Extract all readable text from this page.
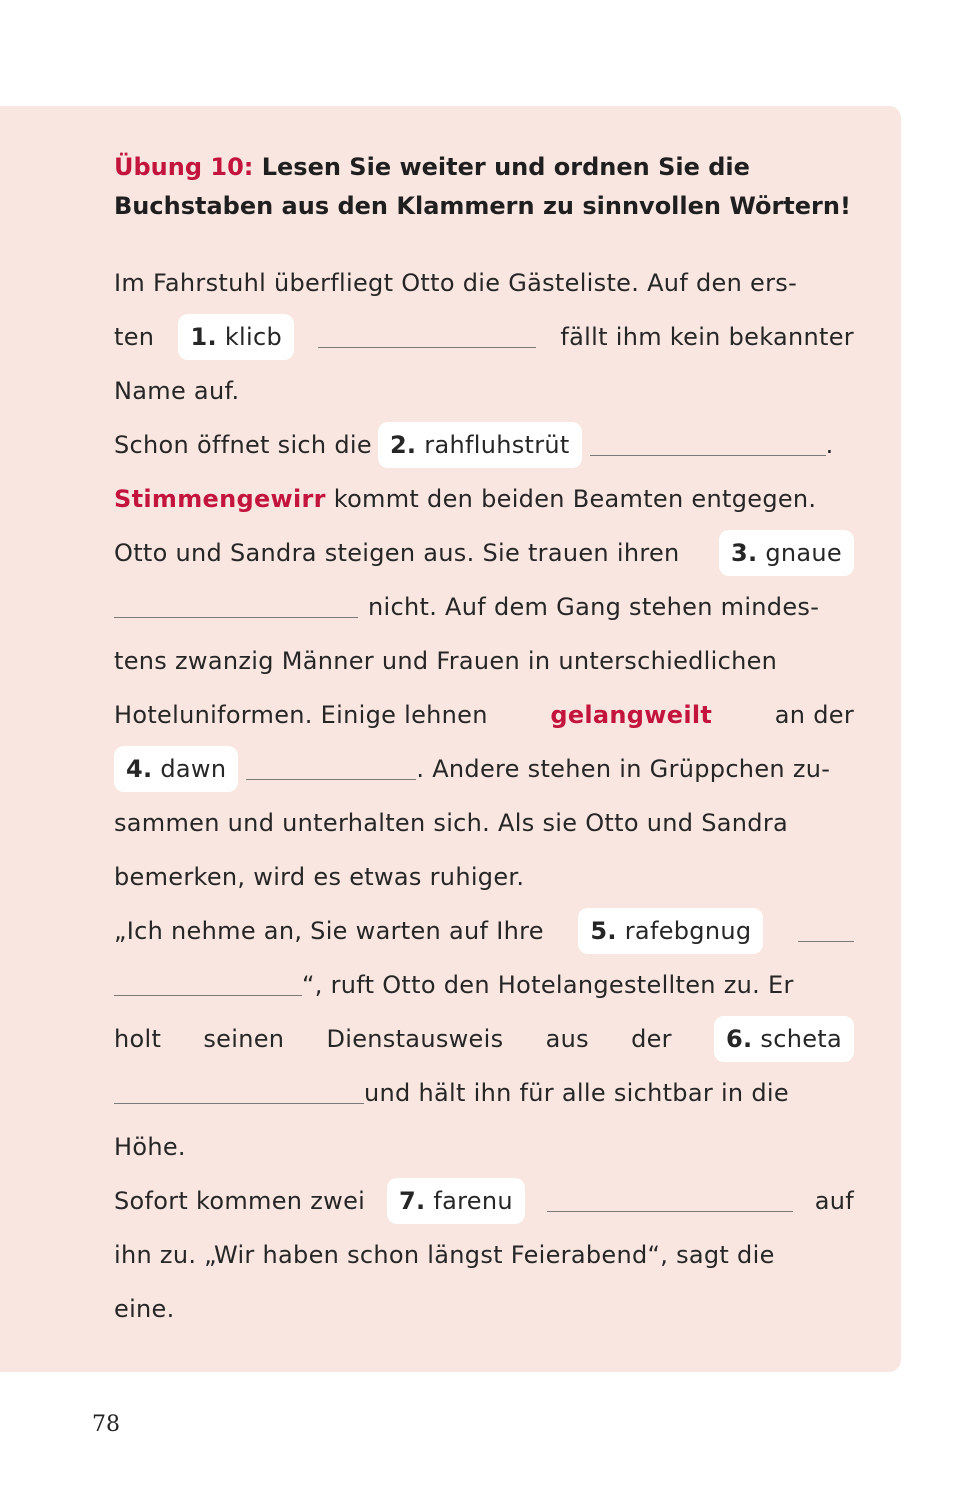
Übung 10: Lesen Sie weiter und ordnen Sie die Buchstaben aus den Klammern zu sinnvollen Wörtern!
Im Fahrstuhl überfliegt Otto die Gästeliste. Auf den ers-
ten	1. klicb	fällt ihm kein bekannter
Name auf.
Schon öffnet sich die 2. rahfluhstrüt	.
Stimmengewirr
kommt den beiden Beamten entgegen.
Otto und Sandra steigen aus. Sie trauen ihren	3. gnaue
nicht. Auf dem Gang stehen mindes-
tens zwanzig Männer und Frauen in unterschiedlichen
Hoteluniformen. Einige lehnen	gelangweilt	an der
4. dawn	. Andere stehen in Grüppchen zu-
sammen und unterhalten sich. Als sie Otto und Sandra
bemerken, wird es etwas ruhiger.
„Ich nehme an, Sie warten auf Ihre	5. rafebgnug
“, ruft Otto den Hotelangestellten zu. Er
holt seinen Dienstausweis aus der	6. scheta
und hält ihn für alle sichtbar in die
Höhe.
Sofort kommen zwei	7. farenu	auf
ihn zu. „Wir haben schon längst Feierabend“, sagt die
eine.
78
